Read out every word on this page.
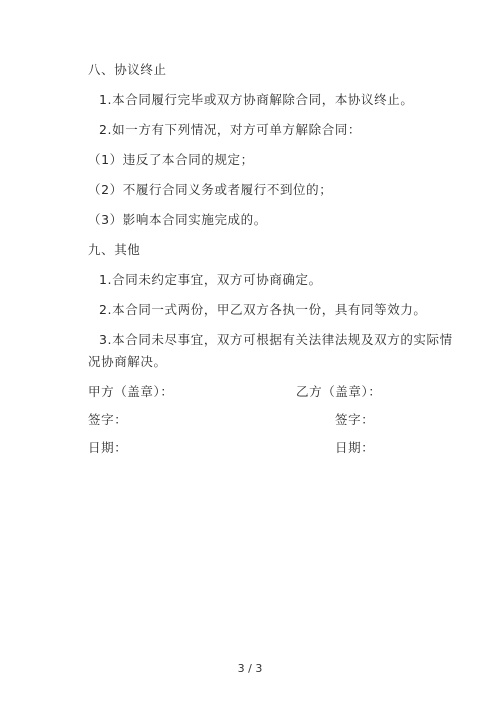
八、协议终止
1.本合同履行完毕或双方协商解除合同，本协议终止。
2.如一方有下列情况，对方可单方解除合同：
（1）违反了本合同的规定；
（2）不履行合同义务或者履行不到位的；
（3）影响本合同实施完成的。
九、其他
1.合同未约定事宜，双方可协商确定。
2.本合同一式两份，甲乙双方各执一份，具有同等效力。
3.本合同未尽事宜，双方可根据有关法律法规及双方的实际情
况协商解决。
甲方（盖章）：	乙方（盖章）：
签字：	签字：
日期：	日期：
3 / 3
